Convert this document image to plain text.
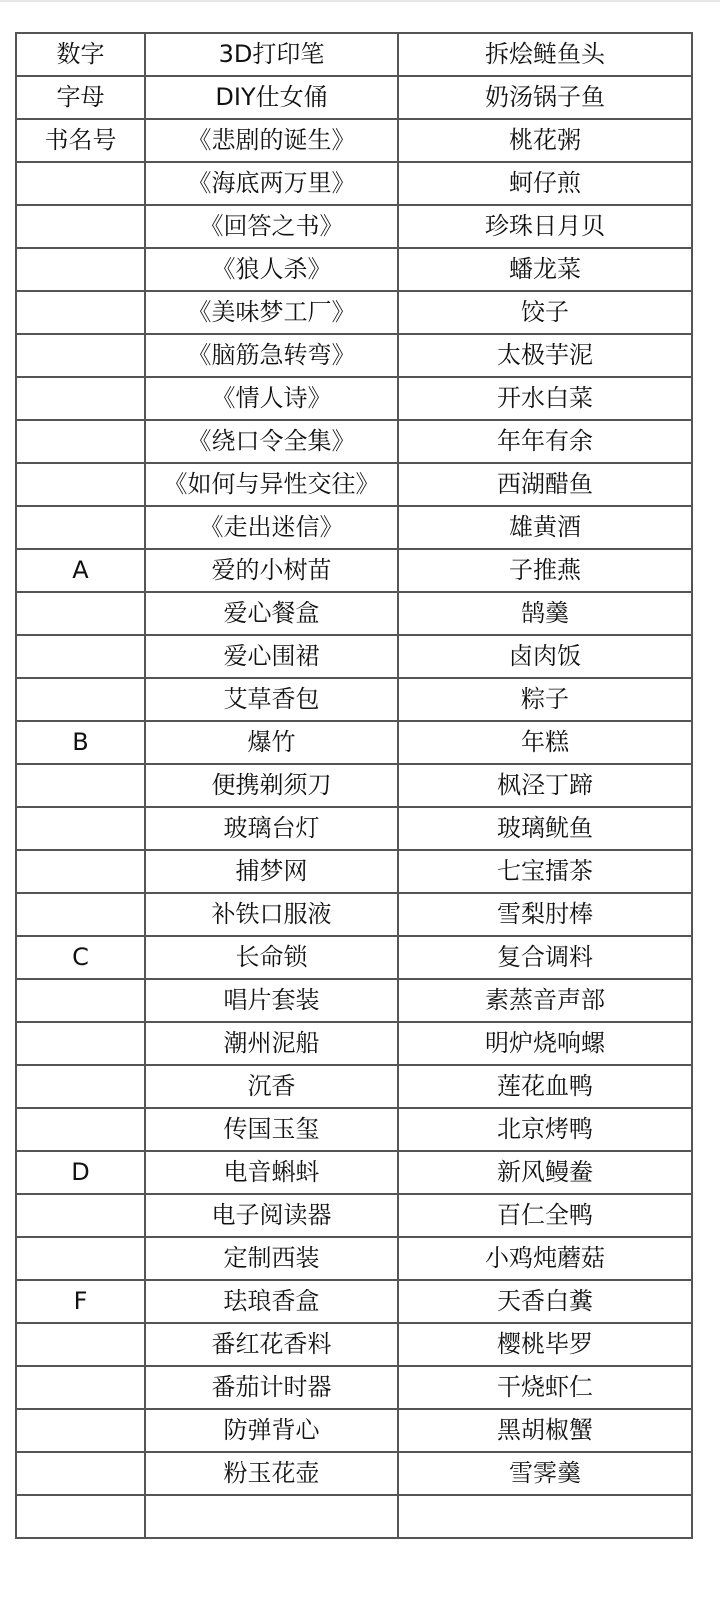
数字	3D打印笔	拆烩鲢鱼头
字母	DIY仕女俑	奶汤锅子鱼
书名号	《悲剧的诞生》	桃花粥
	《海底两万里》	蚵仔煎
	《回答之书》	珍珠日月贝
	《狼人杀》	蟠龙菜
	《美味梦工厂》	饺子
	《脑筋急转弯》	太极芋泥
	《情人诗》	开水白菜
	《绕口令全集》	年年有余
	《如何与异性交往》	西湖醋鱼
	《走出迷信》	雄黄酒
A	爱的小树苗	子推燕
	爱心餐盒	鹄羹
	爱心围裙	卤肉饭
	艾草香包	粽子
B	爆竹	年糕
	便携剃须刀	枫泾丁蹄
	玻璃台灯	玻璃鱿鱼
	捕梦网	七宝擂茶
	补铁口服液	雪梨肘棒
C	长命锁	复合调料
	唱片套装	素蒸音声部
	潮州泥船	明炉烧响螺
	沉香	莲花血鸭
	传国玉玺	北京烤鸭
D	电音蝌蚪	新风鳗鲞
	电子阅读器	百仁全鸭
	定制西装	小鸡炖蘑菇
F	珐琅香盒	天香白糞
	番红花香料	樱桃毕罗
	番茄计时器	干烧虾仁
	防弹背心	黑胡椒蟹
	粉玉花壶	雪霁羹
